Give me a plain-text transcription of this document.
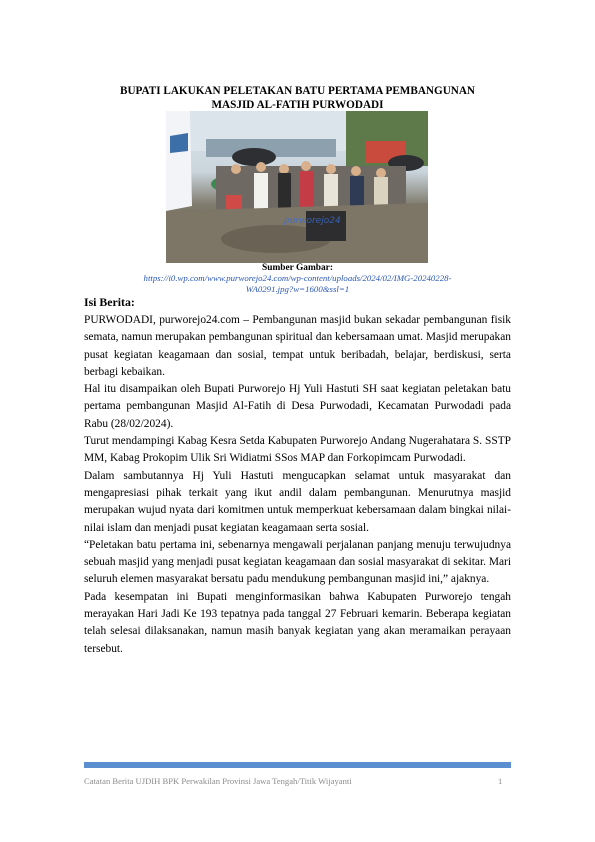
BUPATI LAKUKAN PELETAKAN BATU PERTAMA PEMBANGUNAN
MASJID AL-FATIH PURWODADI
purworejo24
Sumber Gambar:
https://i0.wp.com/www.purworejo24.com/wp-content/uploads/2024/02/IMG-20240228-
WA0291.jpg?w=1600&ssl=1
Isi Berita:

PURWODADI, purworejo24.com – Pembangunan masjid bukan sekadar pembangunan fisik semata, namun merupakan pembangunan spiritual dan kebersamaan umat. Masjid merupakan pusat kegiatan keagamaan dan sosial, tempat untuk beribadah, belajar, berdiskusi, serta berbagi kebaikan.

Hal itu disampaikan oleh Bupati Purworejo Hj Yuli Hastuti SH saat kegiatan peletakan batu pertama pembangunan Masjid Al-Fatih di Desa Purwodadi, Kecamatan Purwodadi pada Rabu (28/02/2024).

Turut mendampingi Kabag Kesra Setda Kabupaten Purworejo Andang Nugerahatara S. SSTP MM, Kabag Prokopim Ulik Sri Widiatmi SSos MAP dan Forkopimcam Purwodadi.

Dalam sambutannya Hj Yuli Hastuti mengucapkan selamat untuk masyarakat dan mengapresiasi pihak terkait yang ikut andil dalam pembangunan. Menurutnya masjid merupakan wujud nyata dari komitmen untuk memperkuat kebersamaan dalam bingkai nilai-nilai islam dan menjadi pusat kegiatan keagamaan serta sosial.

“Peletakan batu pertama ini, sebenarnya mengawali perjalanan panjang menuju terwujudnya sebuah masjid yang menjadi pusat kegiatan keagamaan dan sosial masyarakat di sekitar. Mari seluruh elemen masyarakat bersatu padu mendukung pembangunan masjid ini,” ajaknya.

Pada kesempatan ini Bupati menginformasikan bahwa Kabupaten Purworejo tengah merayakan Hari Jadi Ke 193 tepatnya pada tanggal 27 Februari kemarin. Beberapa kegiatan telah selesai dilaksanakan, namun masih banyak kegiatan yang akan meramaikan perayaan tersebut.

Catatan Berita UJDIH BPK Perwakilan Provinsi Jawa Tengah/Titik Wijayanti	1
